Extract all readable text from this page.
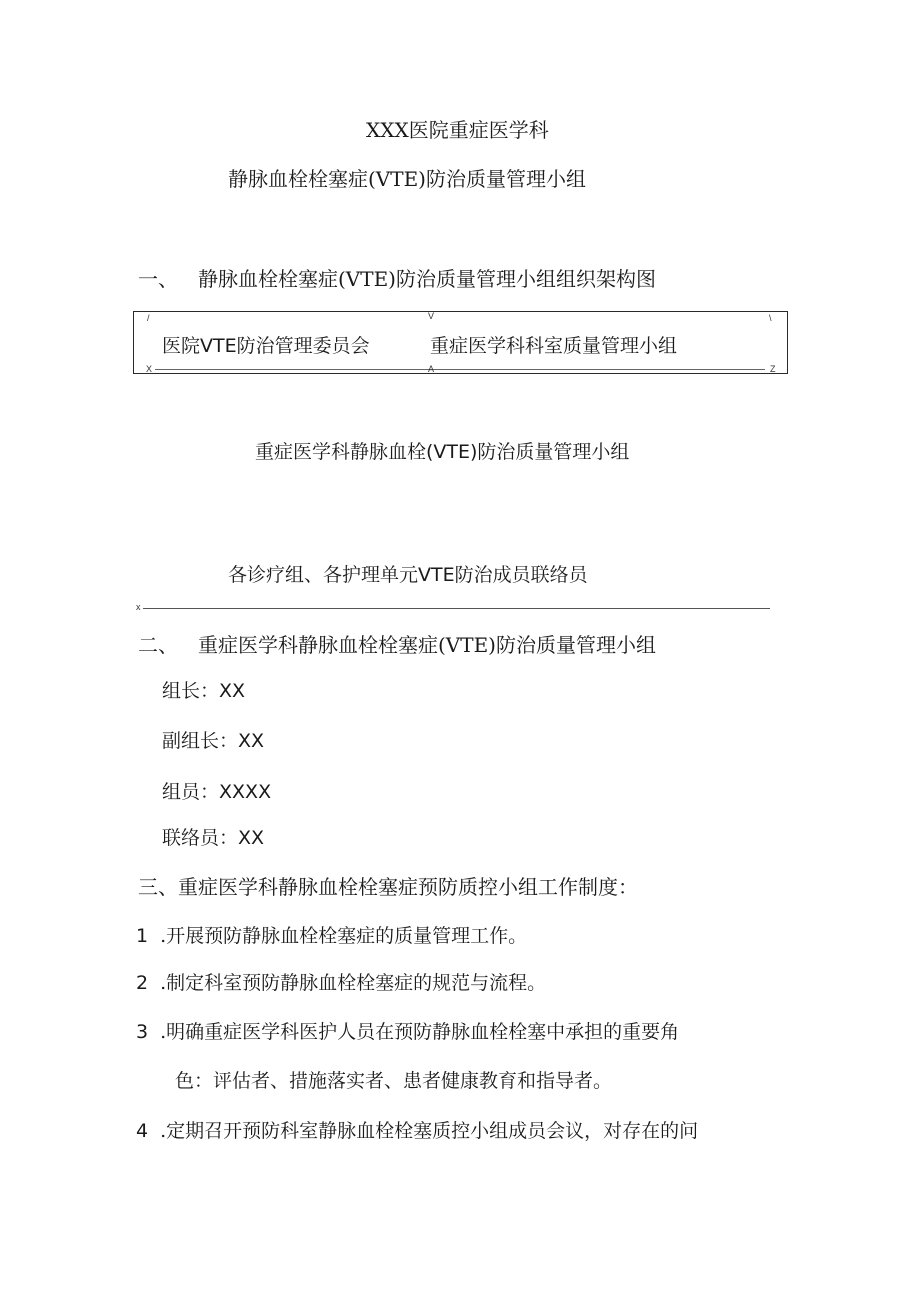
XXX医院重症医学科
静脉血栓栓塞症(VTE)防治质量管理小组
一、 静脉血栓栓塞症(VTE)防治质量管理小组组织架构图
/	V	\
医院VTE防治管理委员会	重症医学科科室质量管理小组
X	A	Z
重症医学科静脉血栓(VTE)防治质量管理小组
各诊疗组、各护理单元VTE防治成员联络员
x
二、 重症医学科静脉血栓栓塞症(VTE)防治质量管理小组
组长：XX
副组长：XX
组员：XXXX
联络员：XX
三、重症医学科静脉血栓栓塞症预防质控小组工作制度：
1 .开展预防静脉血栓栓塞症的质量管理工作。
2 .制定科室预防静脉血栓栓塞症的规范与流程。
3 .明确重症医学科医护人员在预防静脉血栓栓塞中承担的重要角
色：评估者、措施落实者、患者健康教育和指导者。
4 .定期召开预防科室静脉血栓栓塞质控小组成员会议，对存在的问
